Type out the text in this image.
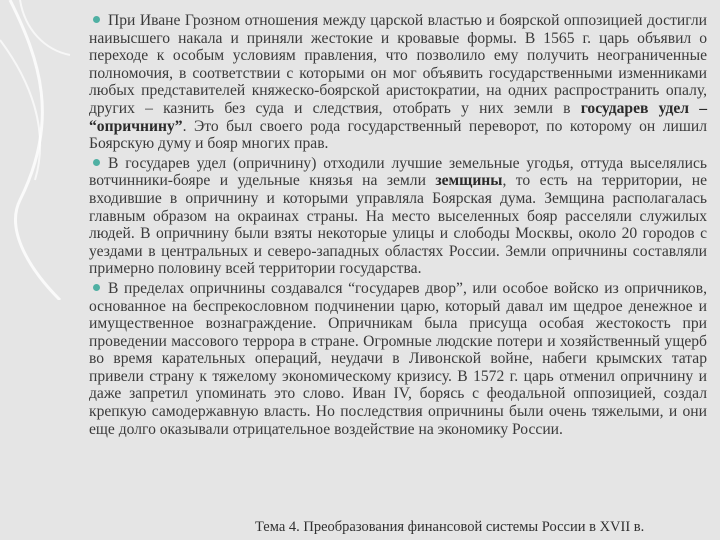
При Иване Грозном отношения между царской властью и боярской оппозицией достигли наивысшего накала и приняли жестокие и кровавые формы. В 1565 г. царь объявил о переходе к особым условиям правления, что позволило ему получить неограниченные полномочия, в соответствии с которыми он мог объявить государственными изменниками любых представителей княжеско-боярской аристократии, на одних распространить опалу, других – казнить без суда и следствия, отобрать у них земли в государев удел – “опричнину”. Это был своего рода государственный переворот, по которому он лишил Боярскую думу и бояр многих прав.

В государев удел (опричнину) отходили лучшие земельные угодья, оттуда выселялись вотчинники-бояре и удельные князья на земли земщины, то есть на территории, не входившие в опричнину и которыми управляла Боярская дума. Земщина располагалась главным образом на окраинах страны. На место выселенных бояр расселяли служилых людей. В опричнину были взяты некоторые улицы и слободы Москвы, около 20 городов с уездами в центральных и северо-западных областях России. Земли опричнины составляли примерно половину всей территории государства.

В пределах опричнины создавался “государев двор”, или особое войско из опричников, основанное на беспрекословном подчинении царю, который давал им щедрое денежное и имущественное вознаграждение. Опричникам была присуща особая жестокость при проведении массового террора в стране. Огромные людские потери и хозяйственный ущерб во время карательных операций, неудачи в Ливонской войне, набеги крымских татар привели страну к тяжелому экономическому кризису. В 1572 г. царь отменил опричнину и даже запретил упоминать это слово. Иван IV, борясь с феодальной оппозицией, создал крепкую самодержавную власть. Но последствия опричнины были очень тяжелыми, и они еще долго оказывали отрицательное воздействие на экономику России.

Тема 4. Преобразования финансовой системы России в XVII в.
